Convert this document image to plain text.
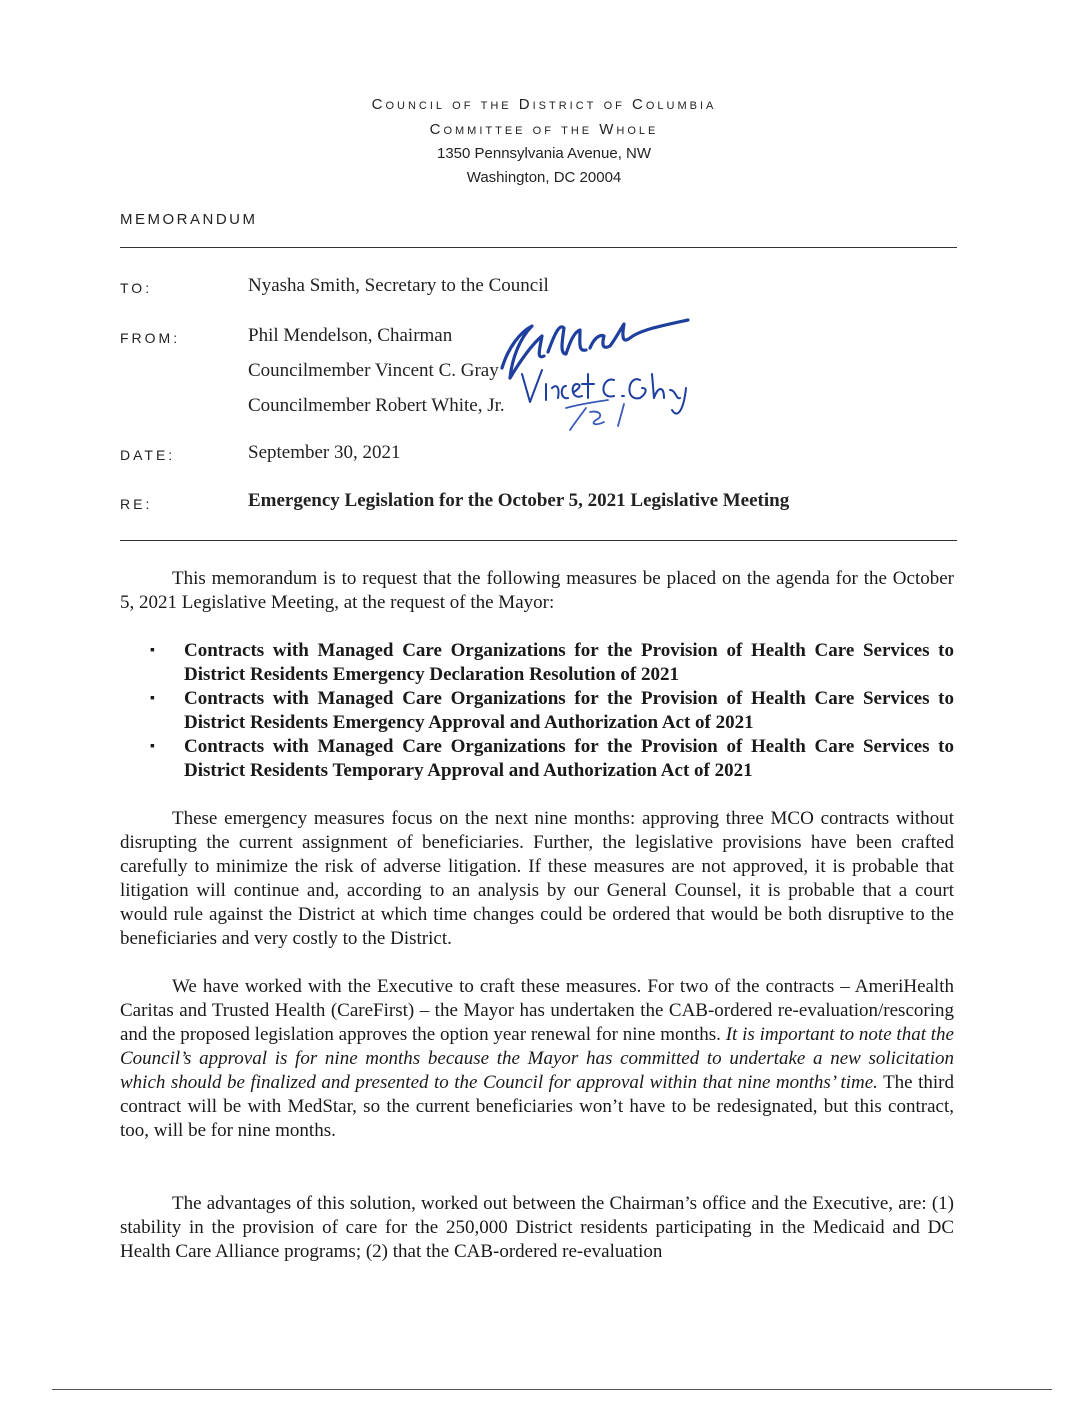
Council of the District of Columbia
Committee of the Whole
1350 Pennsylvania Avenue, NW
Washington, DC 20004
MEMORANDUM
TO:	Nyasha Smith, Secretary to the Council
FROM:	Phil Mendelson, Chairman
Councilmember Vincent C. Gray
Councilmember Robert White, Jr.
DATE:	September 30, 2021
RE:	Emergency Legislation for the October 5, 2021 Legislative Meeting

This memorandum is to request that the following measures be placed on the agenda for the October 5, 2021 Legislative Meeting, at the request of the Mayor:

▪ Contracts with Managed Care Organizations for the Provision of Health Care Services to District Residents Emergency Declaration Resolution of 2021
▪ Contracts with Managed Care Organizations for the Provision of Health Care Services to District Residents Emergency Approval and Authorization Act of 2021
▪ Contracts with Managed Care Organizations for the Provision of Health Care Services to District Residents Temporary Approval and Authorization Act of 2021

These emergency measures focus on the next nine months: approving three MCO contracts without disrupting the current assignment of beneficiaries. Further, the legislative provisions have been crafted carefully to minimize the risk of adverse litigation. If these measures are not approved, it is probable that litigation will continue and, according to an analysis by our General Counsel, it is probable that a court would rule against the District at which time changes could be ordered that would be both disruptive to the beneficiaries and very costly to the District.

We have worked with the Executive to craft these measures. For two of the contracts – AmeriHealth Caritas and Trusted Health (CareFirst) – the Mayor has undertaken the CAB-ordered re-evaluation/rescoring and the proposed legislation approves the option year renewal for nine months. It is important to note that the Council’s approval is for nine months because the Mayor has committed to undertake a new solicitation which should be finalized and presented to the Council for approval within that nine months’ time. The third contract will be with MedStar, so the current beneficiaries won’t have to be redesignated, but this contract, too, will be for nine months.

The advantages of this solution, worked out between the Chairman’s office and the Executive, are: (1) stability in the provision of care for the 250,000 District residents participating in the Medicaid and DC Health Care Alliance programs; (2) that the CAB-ordered re-evaluation
